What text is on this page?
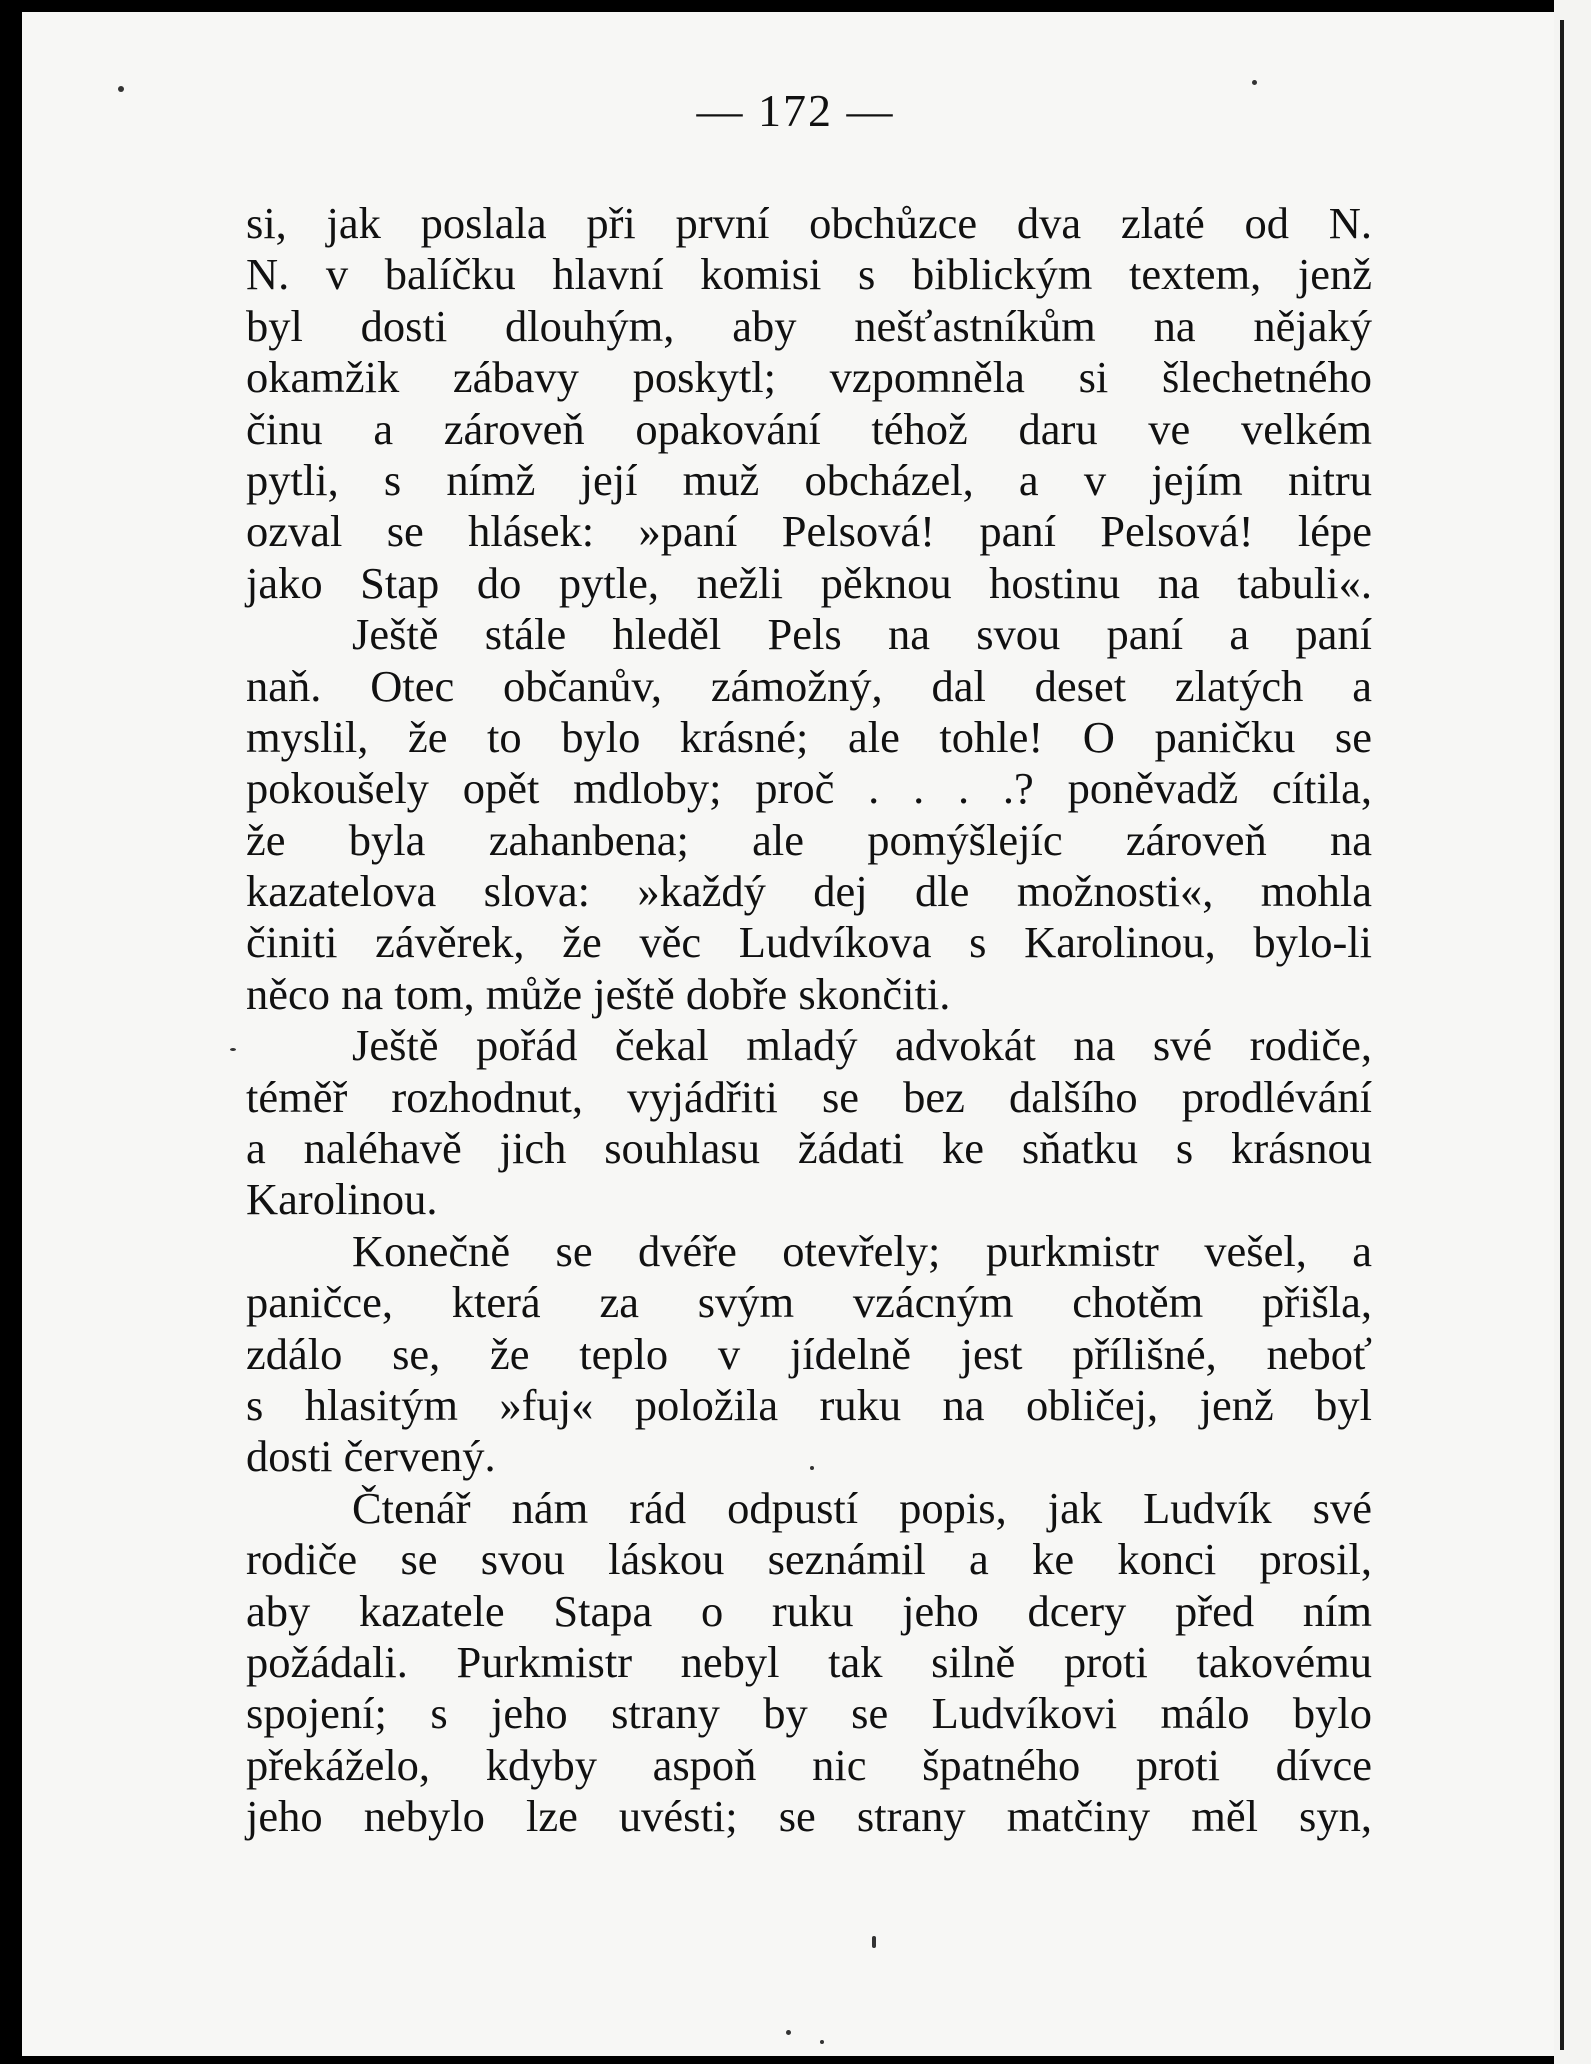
— 172 —
si, jak poslala při první obchůzce dva zlaté od N.
N. v balíčku hlavní komisi s biblickým textem, jenž
byl dosti dlouhým, aby nešťastníkům na nějaký
okamžik zábavy poskytl; vzpomněla si šlechetného
činu a zároveň opakování téhož daru ve velkém
pytli, s nímž její muž obcházel, a v jejím nitru
ozval se hlásek: »paní Pelsová! paní Pelsová! lépe
jako Stap do pytle, nežli pěknou hostinu na tabuli«.
Ještě stále hleděl Pels na svou paní a paní
naň. Otec občanův, zámožný, dal deset zlatých a
myslil, že to bylo krásné; ale tohle! O paničku se
pokoušely opět mdloby; proč . . . .? poněvadž cítila,
že byla zahanbena; ale pomýšlejíc zároveň na
kazatelova slova: »každý dej dle možnosti«, mohla
činiti závěrek, že věc Ludvíkova s Karolinou, bylo-li
něco na tom, může ještě dobře skončiti.
Ještě pořád čekal mladý advokát na své rodiče,
téměř rozhodnut, vyjádřiti se bez dalšího prodlévání
a naléhavě jich souhlasu žádati ke sňatku s krásnou
Karolinou.
Konečně se dvéře otevřely; purkmistr vešel, a
paničce, která za svým vzácným chotěm přišla,
zdálo se, že teplo v jídelně jest přílišné, neboť
s hlasitým »fuj« položila ruku na obličej, jenž byl
dosti červený.
Čtenář nám rád odpustí popis, jak Ludvík své
rodiče se svou láskou seznámil a ke konci prosil,
aby kazatele Stapa o ruku jeho dcery před ním
požádali. Purkmistr nebyl tak silně proti takovému
spojení; s jeho strany by se Ludvíkovi málo bylo
překáželo, kdyby aspoň nic špatného proti dívce
jeho nebylo lze uvésti; se strany matčiny měl syn,
